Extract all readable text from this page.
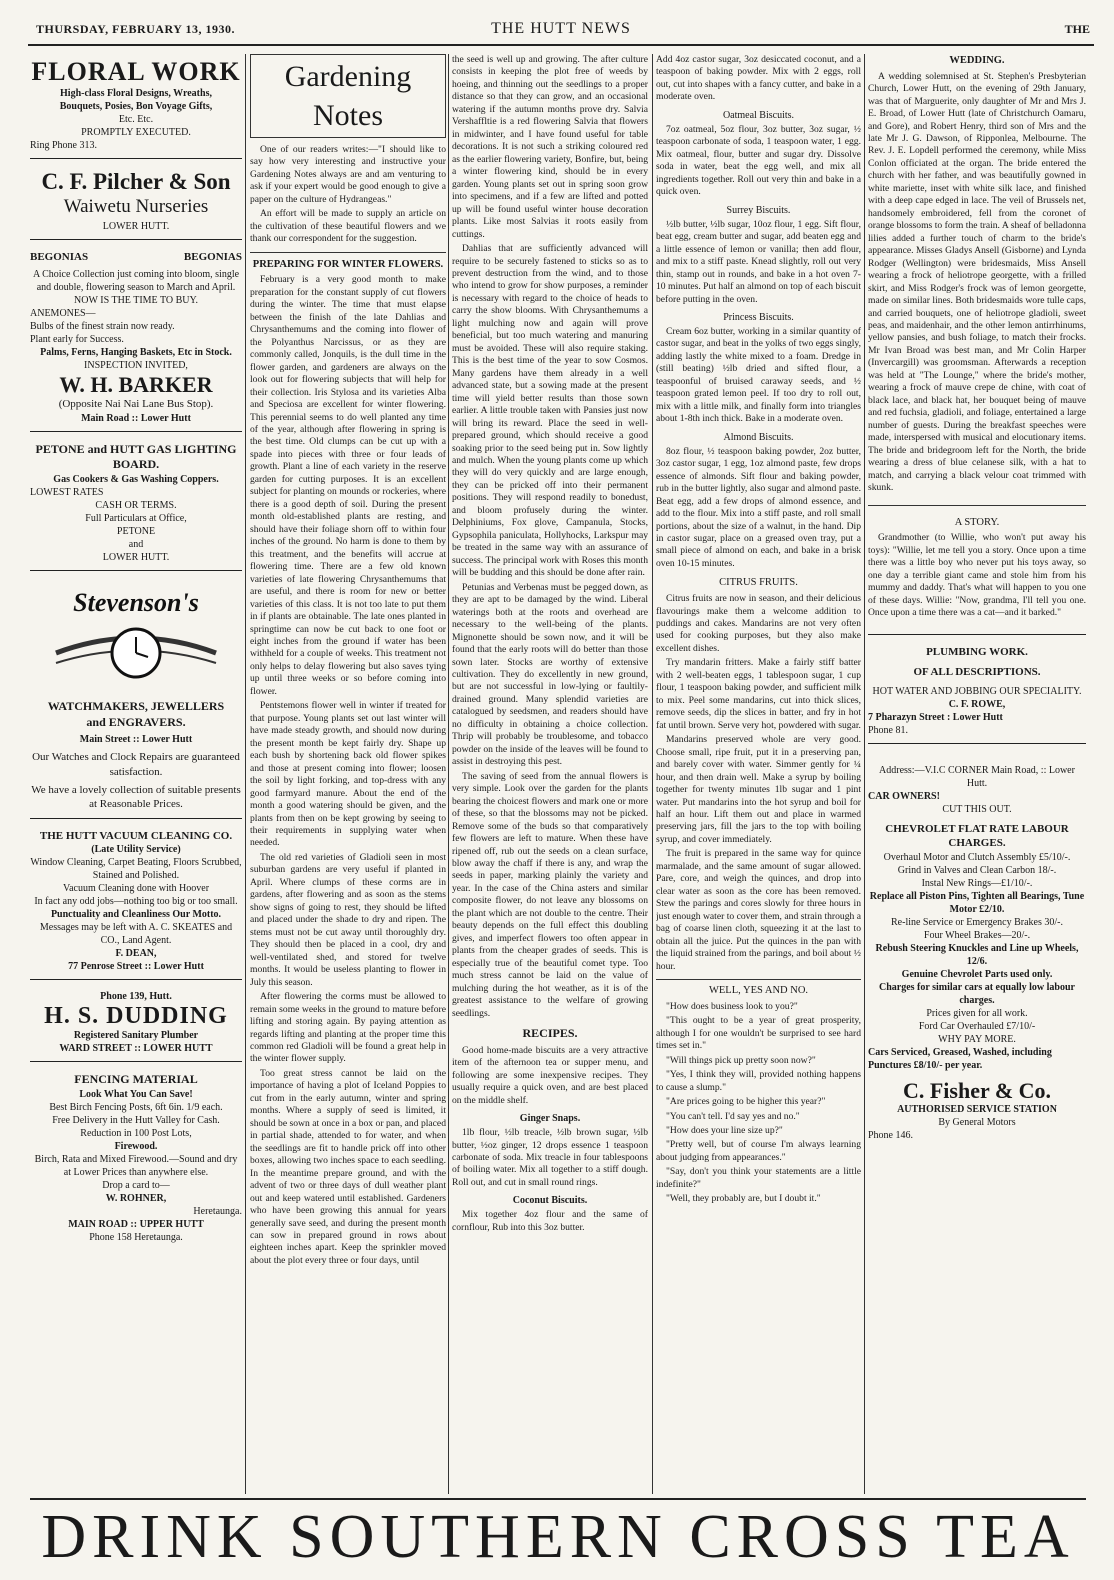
THURSDAY, FEBRUARY 13, 1930.	THE HUTT NEWS	THE
FLORAL WORK
High-class Floral Designs, Wreaths,
Bouquets, Posies, Bon Voyage Gifts,
Etc. Etc.
PROMPTLY EXECUTED.
Ring Phone 313.
C. F. Pilcher & Son
Waiwetu Nurseries
LOWER HUTT.
BEGONIAS	BEGONIAS
A Choice Collection just coming into bloom, single and double, flowering season to March and April.
NOW IS THE TIME TO BUY.
ANEMONES—
Bulbs of the finest strain now ready.
Plant early for Success.
Palms, Ferns, Hanging Baskets, Etc in Stock.
INSPECTION INVITED,
W. H. BARKER
(Opposite Nai Nai Lane Bus Stop).
Main Road :: Lower Hutt
PETONE and HUTT GAS LIGHTING BOARD.
Gas Cookers & Gas Washing Coppers.
LOWEST RATES
CASH OR TERMS.
Full Particulars at Office,
PETONE
and
LOWER HUTT.
Stevenson's
WATCHMAKERS, JEWELLERS
and ENGRAVERS.
Main Street :: Lower Hutt
Our Watches and Clock Repairs are guaranteed satisfaction.
We have a lovely collection of suitable presents at Reasonable Prices.
THE HUTT VACUUM CLEANING CO.
(Late Utility Service)
Window Cleaning, Carpet Beating, Floors Scrubbed, Stained and Polished.
Vacuum Cleaning done with Hoover
In fact any odd jobs—nothing too big or too small.
Punctuality and Cleanliness Our Motto.
Messages may be left with A. C. SKEATES and CO., Land Agent.
F. DEAN,
77 Penrose Street :: Lower Hutt
Phone 139, Hutt.
H. S. DUDDING
Registered Sanitary Plumber
WARD STREET :: LOWER HUTT
FENCING MATERIAL
Look What You Can Save!
Best Birch Fencing Posts, 6ft 6in. 1/9 each.
Free Delivery in the Hutt Valley for Cash.
Reduction in 100 Post Lots,
Firewood.
Birch, Rata and Mixed Firewood.—Sound and dry at Lower Prices than anywhere else.
Drop a card to—
W. ROHNER,
Heretaunga.
MAIN ROAD :: UPPER HUTT
Phone 158 Heretaunga.
Gardening Notes

One of our readers writes:—"I should like to say how very interesting and instructive your Gardening Notes always are and am venturing to ask if your expert would be good enough to give a paper on the culture of Hydrangeas."

An effort will be made to supply an article on the cultivation of these beautiful flowers and we thank our correspondent for the suggestion.

PREPARING FOR WINTER FLOWERS.

February is a very good month to make preparation for the constant supply of cut flowers during the winter. The time that must elapse between the finish of the late Dahlias and Chrysanthemums and the coming into flower of the Polyanthus Narcissus, or as they are commonly called, Jonquils, is the dull time in the flower garden, and gardeners are always on the look out for flowering subjects that will help for their collection. Iris Stylosa and its varieties Alba and Speciosa are excellent for winter flowering. This perennial seems to do well planted any time of the year, although after flowering in spring is the best time. Old clumps can be cut up with a spade into pieces with three or four leads of growth. Plant a line of each variety in the reserve garden for cutting purposes. It is an excellent subject for planting on mounds or rockeries, where there is a good depth of soil. During the present month old-established plants are resting, and should have their foliage shorn off to within four inches of the ground. No harm is done to them by this treatment, and the benefits will accrue at flowering time. There are a few old known varieties of late flowering Chrysanthemums that are useful, and there is room for new or better varieties of this class. It is not too late to put them in if plants are obtainable. The late ones planted in springtime can now be cut back to one foot or eight inches from the ground if water has been withheld for a couple of weeks. This treatment not only helps to delay flowering but also saves tying up until three weeks or so before coming into flower.

Pentstemons flower well in winter if treated for that purpose. Young plants set out last winter will have made steady growth, and should now during the present month be kept fairly dry. Shape up each bush by shortening back old flower spikes and those at present coming into flower; loosen the soil by light forking, and top-dress with any good farmyard manure. About the end of the month a good watering should be given, and the plants from then on be kept growing by seeing to their requirements in supplying water when needed.

The old red varieties of Gladioli seen in most suburban gardens are very useful if planted in April. Where clumps of these corms are in gardens, after flowering and as soon as the stems show signs of going to rest, they should be lifted and placed under the shade to dry and ripen. The stems must not be cut away until thoroughly dry. They should then be placed in a cool, dry and well-ventilated shed, and stored for twelve months. It would be useless planting to flower in July this season.

After flowering the corms must be allowed to remain some weeks in the ground to mature before lifting and storing again. By paying attention as regards lifting and planting at the proper time this common red Gladioli will be found a great help in the winter flower supply.

Too great stress cannot be laid on the importance of having a plot of Iceland Poppies to cut from in the early autumn, winter and spring months. Where a supply of seed is limited, it should be sown at once in a box or pan, and placed in partial shade, attended to for water, and when the seedlings are fit to handle prick off into other boxes, allowing two inches space to each seedling. In the meantime prepare ground, and with the advent of two or three days of dull weather plant out and keep watered until established. Gardeners who have been growing this annual for years generally save seed, and during the present month can sow in prepared ground in rows about eighteen inches apart. Keep the sprinkler moved about the plot every three or four days, until

the seed is well up and growing. The after culture consists in keeping the plot free of weeds by hoeing, and thinning out the seedlings to a proper distance so that they can grow, and an occasional watering if the autumn months prove dry. Salvia Vershaffltie is a red flowering Salvia that flowers in midwinter, and I have found useful for table decorations. It is not such a striking coloured red as the earlier flowering variety, Bonfire, but, being a winter flowering kind, should be in every garden. Young plants set out in spring soon grow into specimens, and if a few are lifted and potted up will be found useful winter house decoration plants. Like most Salvias it roots easily from cuttings.

Dahlias that are sufficiently advanced will require to be securely fastened to sticks so as to prevent destruction from the wind, and to those who intend to grow for show purposes, a reminder is necessary with regard to the choice of heads to carry the show blooms. With Chrysanthemums a light mulching now and again will prove beneficial, but too much watering and manuring must be avoided. These will also require staking. This is the best time of the year to sow Cosmos. Many gardens have them already in a well advanced state, but a sowing made at the present time will yield better results than those sown earlier. A little trouble taken with Pansies just now will bring its reward. Place the seed in well-prepared ground, which should receive a good soaking prior to the seed being put in. Sow lightly and mulch. When the young plants come up which they will do very quickly and are large enough, they can be pricked off into their permanent positions. They will respond readily to bonedust, and bloom profusely during the winter. Delphiniums, Fox glove, Campanula, Stocks, Gypsophila paniculata, Hollyhocks, Larkspur may be treated in the same way with an assurance of success. The principal work with Roses this month will be budding and this should be done after rain.

Petunias and Verbenas must be pegged down, as they are apt to be damaged by the wind. Liberal waterings both at the roots and overhead are necessary to the well-being of the plants. Mignonette should be sown now, and it will be found that the early roots will do better than those sown later. Stocks are worthy of extensive cultivation. They do excellently in new ground, but are not successful in low-lying or faultily-drained ground. Many splendid varieties are catalogued by seedsmen, and readers should have no difficulty in obtaining a choice collection. Thrip will probably be troublesome, and tobacco powder on the inside of the leaves will be found to assist in destroying this pest.

The saving of seed from the annual flowers is very simple. Look over the garden for the plants bearing the choicest flowers and mark one or more of these, so that the blossoms may not be picked. Remove some of the buds so that comparatively few flowers are left to mature. When these have ripened off, rub out the seeds on a clean surface, blow away the chaff if there is any, and wrap the seeds in paper, marking plainly the variety and year. In the case of the China asters and similar composite flower, do not leave any blossoms on the plant which are not double to the centre. Their beauty depends on the full effect this doubling gives, and imperfect flowers too often appear in plants from the cheaper grades of seeds. This is especially true of the beautiful comet type. Too much stress cannot be laid on the value of mulching during the hot weather, as it is of the greatest assistance to the welfare of growing seedlings.

RECIPES.

Good home-made biscuits are a very attractive item of the afternoon tea or supper menu, and following are some inexpensive recipes. They usually require a quick oven, and are best placed on the middle shelf.

Ginger Snaps.

1lb flour, ½lb treacle, ½lb brown sugar, ½lb butter, ½oz ginger, 12 drops essence 1 teaspoon carbonate of soda. Mix treacle in four tablespoons of boiling water. Mix all together to a stiff dough. Roll out, and cut in small round rings.

Coconut Biscuits.

Mix together 4oz flour and the same of cornflour, Rub into this 3oz butter.

Add 4oz castor sugar, 3oz desiccated coconut, and a teaspoon of baking powder. Mix with 2 eggs, roll out, cut into shapes with a fancy cutter, and bake in a moderate oven.

Oatmeal Biscuits.

7oz oatmeal, 5oz flour, 3oz butter, 3oz sugar, ½ teaspoon carbonate of soda, 1 teaspoon water, 1 egg. Mix oatmeal, flour, butter and sugar dry. Dissolve soda in water, beat the egg well, and mix all ingredients together. Roll out very thin and bake in a quick oven.

Surrey Biscuits.

½lb butter, ½lb sugar, 10oz flour, 1 egg. Sift flour, beat egg, cream butter and sugar, add beaten egg and a little essence of lemon or vanilla; then add flour, and mix to a stiff paste. Knead slightly, roll out very thin, stamp out in rounds, and bake in a hot oven 7-10 minutes. Put half an almond on top of each biscuit before putting in the oven.

Princess Biscuits.

Cream 6oz butter, working in a similar quantity of castor sugar, and beat in the yolks of two eggs singly, adding lastly the white mixed to a foam. Dredge in (still beating) ½lb dried and sifted flour, a teaspoonful of bruised caraway seeds, and ½ teaspoon grated lemon peel. If too dry to roll out, mix with a little milk, and finally form into triangles about 1-8th inch thick. Bake in a moderate oven.

Almond Biscuits.

8oz flour, ½ teaspoon baking powder, 2oz butter, 3oz castor sugar, 1 egg, 1oz almond paste, few drops essence of almonds. Sift flour and baking powder, rub in the butter lightly, also sugar and almond paste. Beat egg, add a few drops of almond essence, and add to the flour. Mix into a stiff paste, and roll small portions, about the size of a walnut, in the hand. Dip in castor sugar, place on a greased oven tray, put a small piece of almond on each, and bake in a brisk oven 10-15 minutes.

CITRUS FRUITS.

Citrus fruits are now in season, and their delicious flavourings make them a welcome addition to puddings and cakes. Mandarins are not very often used for cooking purposes, but they also make excellent dishes.

Try mandarin fritters. Make a fairly stiff batter with 2 well-beaten eggs, 1 tablespoon sugar, 1 cup flour, 1 teaspoon baking powder, and sufficient milk to mix. Peel some mandarins, cut into thick slices, remove seeds, dip the slices in batter, and fry in hot fat until brown. Serve very hot, powdered with sugar.

Mandarins preserved whole are very good. Choose small, ripe fruit, put it in a preserving pan, and barely cover with water. Simmer gently for ¼ hour, and then drain well. Make a syrup by boiling together for twenty minutes 1lb sugar and 1 pint water. Put mandarins into the hot syrup and boil for half an hour. Lift them out and place in warmed preserving jars, fill the jars to the top with boiling syrup, and cover immediately.

The fruit is prepared in the same way for quince marmalade, and the same amount of sugar allowed. Pare, core, and weigh the quinces, and drop into clear water as soon as the core has been removed. Stew the parings and cores slowly for three hours in just enough water to cover them, and strain through a bag of coarse linen cloth, squeezing it at the last to obtain all the juice. Put the quinces in the pan with the liquid strained from the parings, and boil about ½ hour.

WELL, YES AND NO.

"How does business look to you?"

"This ought to be a year of great prosperity, although I for one wouldn't be surprised to see hard times set in."

"Will things pick up pretty soon now?"

"Yes, I think they will, provided nothing happens to cause a slump."

"Are prices going to be higher this year?"

"You can't tell. I'd say yes and no."

"How does your line size up?"

"Pretty well, but of course I'm always learning about judging from appearances."

"Say, don't you think your statements are a little indefinite?"

"Well, they probably are, but I doubt it."

WEDDING.

A wedding solemnised at St. Stephen's Presbyterian Church, Lower Hutt, on the evening of 29th January, was that of Marguerite, only daughter of Mr and Mrs J. E. Broad, of Lower Hutt (late of Christchurch Oamaru, and Gore), and Robert Henry, third son of Mrs and the late Mr J. G. Dawson, of Ripponlea, Melbourne. The Rev. J. E. Lopdell performed the ceremony, while Miss Conlon officiated at the organ. The bride entered the church with her father, and was beautifully gowned in white mariette, inset with white silk lace, and finished with a deep cape edged in lace. The veil of Brussels net, handsomely embroidered, fell from the coronet of orange blossoms to form the train. A sheaf of belladonna lilies added a further touch of charm to the bride's appearance. Misses Gladys Ansell (Gisborne) and Lynda Rodger (Wellington) were bridesmaids, Miss Ansell wearing a frock of heliotrope georgette, with a frilled skirt, and Miss Rodger's frock was of lemon georgette, made on similar lines. Both bridesmaids wore tulle caps, and carried bouquets, one of heliotrope gladioli, sweet peas, and maidenhair, and the other lemon antirrhinums, yellow pansies, and bush foliage, to match their frocks. Mr Ivan Broad was best man, and Mr Colin Harper (Invercargill) was groomsman. Afterwards a reception was held at "The Lounge," where the bride's mother, wearing a frock of mauve crepe de chine, with coat of black lace, and black hat, her bouquet being of mauve and red fuchsia, gladioli, and foliage, entertained a large number of guests. During the breakfast speeches were made, interspersed with musical and elocutionary items. The bride and bridegroom left for the North, the bride wearing a dress of blue celanese silk, with a hat to match, and carrying a black velour coat trimmed with skunk.

A STORY.

Grandmother (to Willie, who won't put away his toys): "Willie, let me tell you a story. Once upon a time there was a little boy who never put his toys away, so one day a terrible giant came and stole him from his mummy and daddy. That's what will happen to you one of these days. Willie: "Now, grandma, I'll tell you one. Once upon a time there was a cat—and it barked."

PLUMBING WORK.
OF ALL DESCRIPTIONS.
HOT WATER AND JOBBING OUR SPECIALITY.
C. F. ROWE,
7 Pharazyn Street : Lower Hutt
Phone 81.
Address:—V.I.C CORNER Main Road, :: Lower Hutt.
CAR OWNERS!
CUT THIS OUT.
CHEVROLET FLAT RATE LABOUR CHARGES.
Overhaul Motor and Clutch Assembly £5/10/-.
Grind in Valves and Clean Carbon 18/-.
Instal New Rings—£1/10/-.
Replace all Piston Pins, Tighten all Bearings, Tune Motor £2/10.
Re-line Service or Emergency Brakes 30/-.
Four Wheel Brakes—20/-.
Rebush Steering Knuckles and Line up Wheels, 12/6.
Genuine Chevrolet Parts used only.
Charges for similar cars at equally low labour charges.
Prices given for all work.
Ford Car Overhauled £7/10/-
WHY PAY MORE.
Cars Serviced, Greased, Washed, including Punctures £8/10/- per year.
C. Fisher & Co.
AUTHORISED SERVICE STATION
By General Motors
Phone 146.
DRINK SOUTHERN CROSS TEA
